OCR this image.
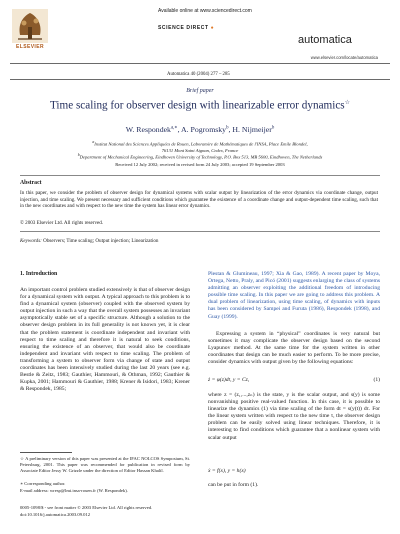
ELSEVIER
Available online at www.sciencedirect.com
SCIENCE DIRECT ●
Automatica 40 (2004) 277 – 285
automatica
www.elsevier.com/locate/automatica
Brief paper
Time scaling for observer design with linearizable error dynamics☆
W. Respondek$^{a,∗}$, A. Pogromsky$^b$, H. Nijmeijer$^b$
$^a$Institut National des Sciences Appliquées de Rouen, Laboratoire de Mathématiques de l'INSA, Place Emile Blondel,
76131 Mont Saint Aignan, Cedex, France
$^b$Department of Mechanical Engineering, Eindhoven University of Technology, P.O. Box 513, MB 5600, Eindhoven, The Netherlands
Received 12 July 2002; received in revised form 24 July 2003; accepted 19 September 2003
Abstract
In this paper, we consider the problem of observer design for dynamical systems with scalar output by linearization of the error dynamics via coordinate change, output injection, and time scaling. We present necessary and sufficient conditions which guarantee the existence of a coordinate change and output-dependent time scaling, such that in the new coordinates and with respect to the new time the system has linear error dynamics.
© 2003 Elsevier Ltd. All rights reserved.
Keywords: Observers; Time scaling; Output injection; Linearization
1. Introduction
An important control problem studied extensively is that of observer design for a dynamical system with output. A typical approach to this problem is to find a dynamical system (observer) coupled with the observed system by output injection in such a way that the overall system possesses an invariant asymptotically stable set of a specific structure. Although a solution to the observer design problem in its full generality is not known yet, it is clear that the problem statement is coordinate independent and invariant with respect to time scaling and therefore it is natural to seek conditions, ensuring the existence of an observer, that would also be coordinate independent and invariant with respect to time scaling. The problem of transforming a system to observer form via change of state and output coordinates has been intensively studied during the last 20 years (see e.g. Bestle & Zeitz, 1983; Gauthier, Hammouri, & Othman, 1992; Gauthier & Kupka, 2001; Hammouri & Gauthier, 1988; Krener & Isidori, 1983; Krener & Respondek, 1985;
☆ A preliminary version of this paper was presented at the IFAC NOLCOS Symposium, St. Petersburg, 2001. This paper was recommended for publication in revised form by Associate Editor Jessy W. Grizzle under the direction of Editor Hassan Khalil.
∗ Corresponding author.
E-mail address: wresp@lmi.insa-rouen.fr (W. Respondek).
0005-1098/$ - see front matter © 2003 Elsevier Ltd. All rights reserved.
doi:10.1016/j.automatica.2003.09.012
Plestan & Glumineau, 1997; Xia & Gao, 1989). A recent paper by Moya, Ortega, Netto, Praly, and Picó (2001) suggests enlarging the class of systems admitting an observer exploiting the additional freedom of introducing possible time scaling. In this paper we are going to address this problem. A dual problem of linearization, using time scaling, of dynamics with inputs has been considered by Sampei and Furuta (1986), Respondek (1998), and Guay (1999).
Expressing a system in “physical” coordinates is very natural but sometimes it may complicate the observer design based on the second Lyapunov method. At the same time for the system written in other coordinates that design can be much easier to perform. To be more precise, consider dynamics with output given by the following equations:
ż = φ(z)dt, y = Cz,	(1)
where z = (z₁,...,zₙ) is the state, y is the scalar output, and s(y) is some nonvanishing positive real-valued function. In this case, it is possible to linearize the dynamics (1) via time scaling of the form dt = s(y(t)) dτ. For the linear system written with respect to the new time τ, the observer design problem can be easily solved using linear techniques. Therefore, it is interesting to find conditions which guarantee that a nonlinear system with scalar output
ẋ = f(x), y = h(x)
can be put in form (1).
